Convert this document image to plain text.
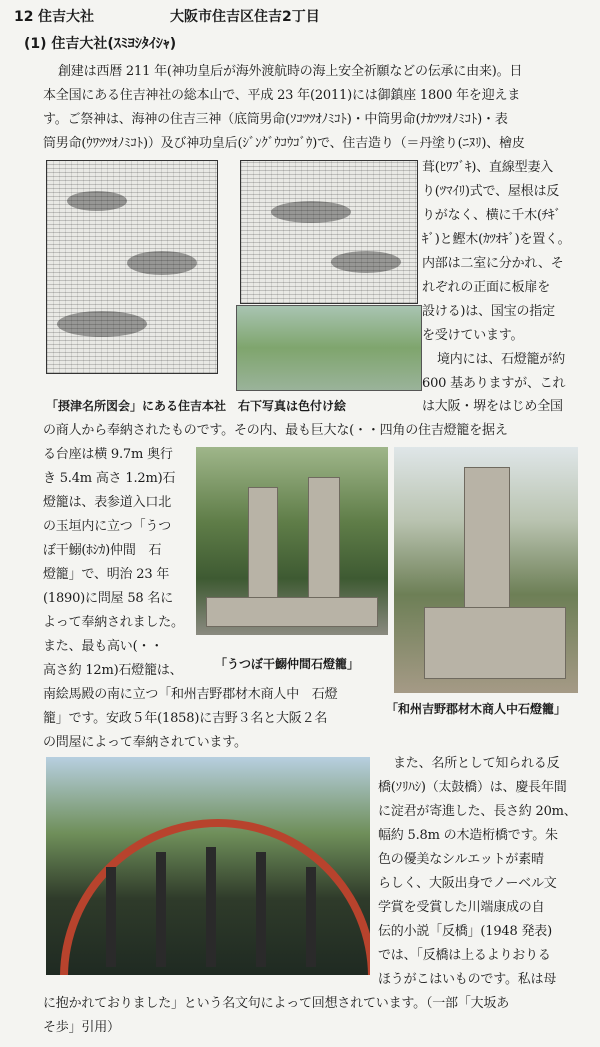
12 住吉大社	大阪市住吉区住吉2丁目
(1) 住吉大社(ｽﾐﾖｼﾀｲｼｬ)
創建は西暦 211 年(神功皇后が海外渡航時の海上安全祈願などの伝承に由来)。日
本全国にある住吉神社の総本山で、平成 23 年(2011)には御鎮座 1800 年を迎えま
す。ご祭神は、海神の住吉三神（底筒男命(ｿｺﾂﾂｵﾉﾐｺﾄ)・中筒男命(ﾅｶﾂﾂｵﾉﾐｺﾄ)・表
筒男命(ｳﾜﾂﾂｵﾉﾐｺﾄ)）及び神功皇后(ｼﾞﾝｸﾞｳｺｳｺﾞｳ)で、住吉造り（＝丹塗り(ﾆﾇﾘ)、檜皮
葺(ﾋﾜﾌﾞｷ)、直線型妻入
り(ﾂﾏｲﾘ)式で、屋根は反
りがなく、横に千木(ﾁｷﾞ
ｷﾞ)と鰹木(ｶﾂｵｷﾞ)を置く。
内部は二室に分かれ、そ
れぞれの正面に板扉を
設ける)は、国宝の指定
を受けています。
境内には、石燈籠が約
600 基ありますが、これ
「摂津名所図会」にある住吉本社　右下写真は色付け絵	は大阪・堺をはじめ全国
の商人から奉納されたものです。その内、最も巨大な(・・四角の住吉燈籠を据え
る台座は横 9.7m 奥行
き 5.4m 高さ 1.2m)石
燈籠は、表参道入口北
の玉垣内に立つ「うつ
ぼ干鰯(ﾎｼｶ)仲間　石
燈籠」で、明治 23 年
(1890)に問屋 58 名に
よって奉納されました。
また、最も高い(・・
高さ約 12m)石燈籠は、	「うつぼ干鰯仲間石燈籠」
南絵馬殿の南に立つ「和州吉野郡材木商人中　石燈
「和州吉野郡材木商人中石燈籠」
籠」です。安政５年(1858)に吉野３名と大阪２名
の問屋によって奉納されています。
また、名所として知られる反
橋(ｿﾘﾊｼ)（太鼓橋）は、慶長年間
に淀君が寄進した、長さ約 20m、
幅約 5.8m の木造桁橋です。朱
色の優美なシルエットが素晴
らしく、大阪出身でノーベル文
学賞を受賞した川端康成の自
伝的小説「反橋」(1948 発表)
では、「反橋は上るよりおりる
ほうがこはいものです。私は母
に抱かれておりました」という名文句によって回想されています。（一部「大坂あ
そ歩」引用）
